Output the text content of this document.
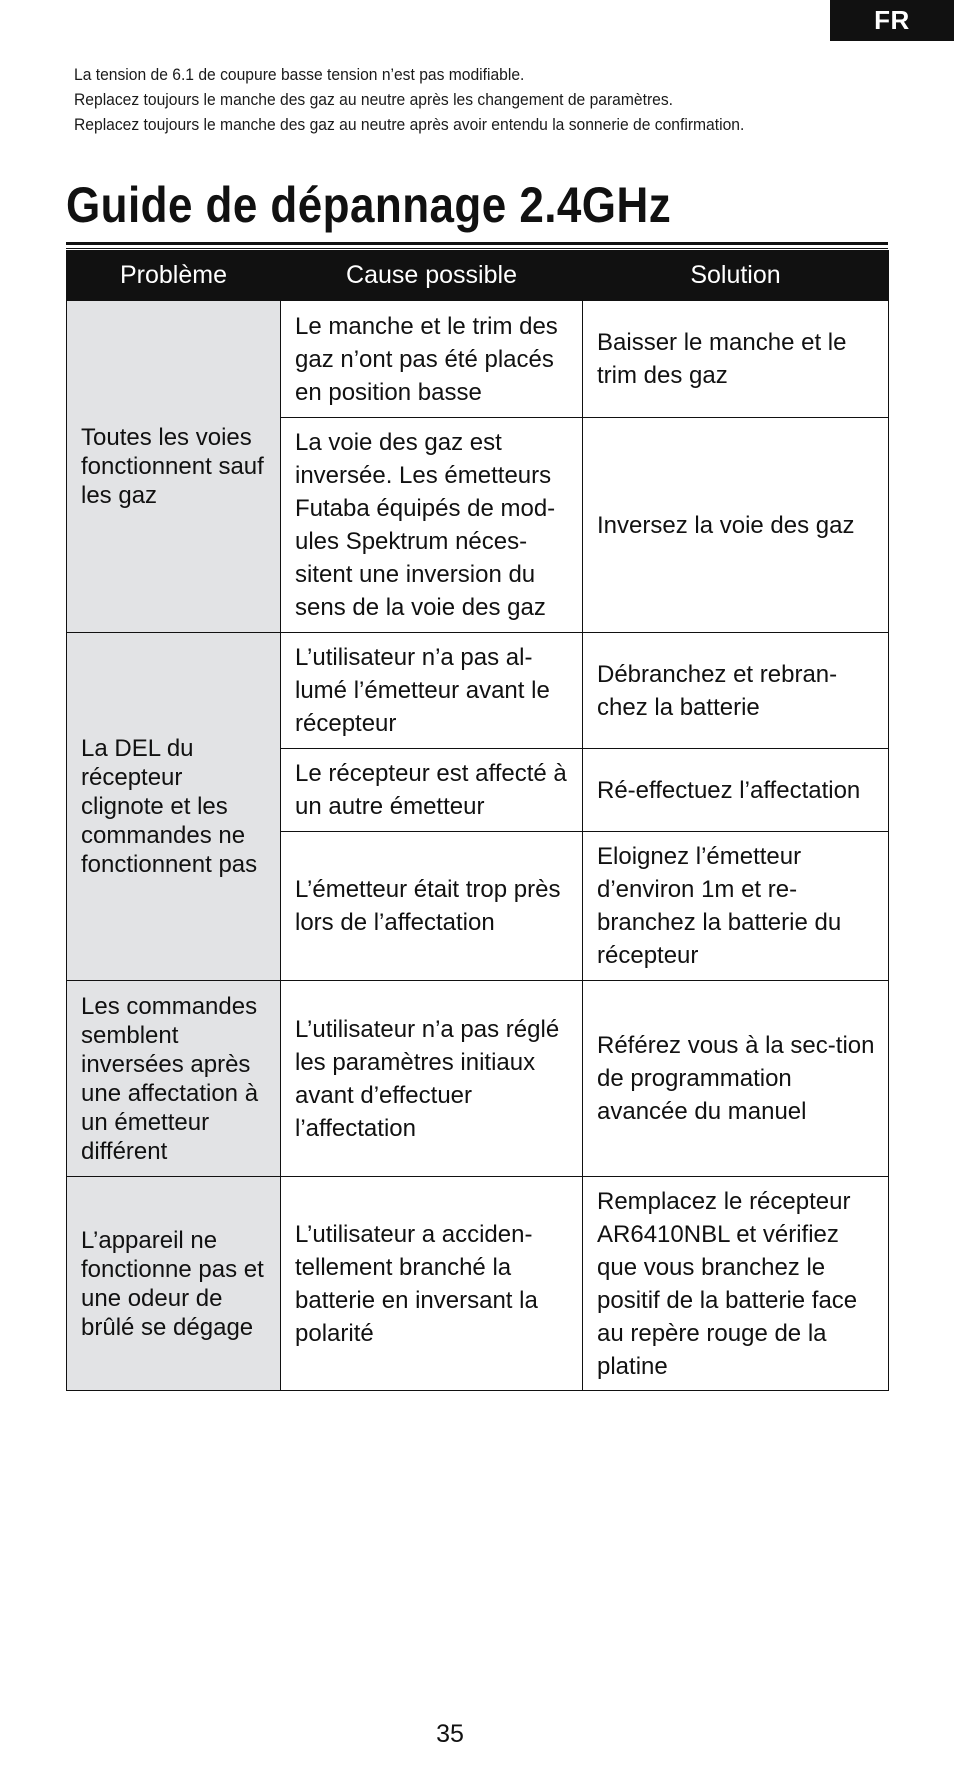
FR
La tension de 6.1 de coupure basse tension n’est pas modifiable.
Replacez toujours le manche des gaz au neutre après les changement de paramètres.
Replacez toujours le manche des gaz au neutre après avoir entendu la sonnerie de confirmation.
Guide de dépannage 2.4GHz
Problème	Cause possible	Solution

Toutes les voies fonctionnent sauf les gaz	Le manche et le trim des gaz n’ont pas été placés en position basse	Baisser le manche et le trim des gaz

	La voie des gaz est inversée. Les émetteurs Futaba équipés de mod-ules Spektrum néces-sitent une inversion du sens de la voie des gaz	Inversez la voie des gaz

La DEL du récepteur clignote et les commandes ne fonctionnent pas	L’utilisateur n’a pas al-lumé l’émetteur avant le récepteur	Débranchez et rebran-chez la batterie

	Le récepteur est affecté à un autre émetteur	Ré-effectuez l’affectation

	L’émetteur était trop près lors de l’affectation	Eloignez l’émetteur d’environ 1m et re-branchez la batterie du récepteur

Les commandes semblent inversées après une affectation à un émetteur différent	L’utilisateur n’a pas réglé les paramètres initiaux avant d’effectuer l’affectation	Référez vous à la sec-tion de programmation avancée du manuel

L’appareil ne fonctionne pas et une odeur de brûlé se dégage	L’utilisateur a acciden-tellement branché la batterie en inversant la polarité	Remplacez le récepteur AR6410NBL et vérifiez que vous branchez le positif de la batterie face au repère rouge de la platine
35
